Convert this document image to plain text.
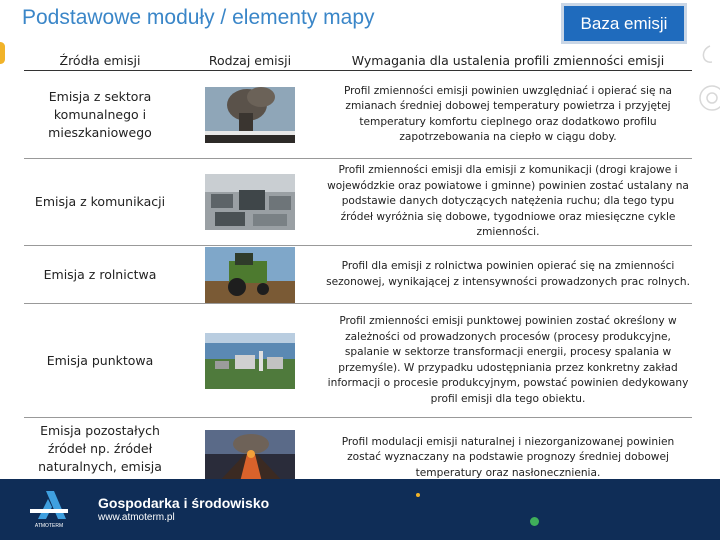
Podstawowe moduły / elementy mapy	Baza emisji
Źródła emisji	Rodzaj emisji	Wymagania dla ustalenia profili zmienności emisji
Emisja z sektora komunalnego i mieszkaniowego		Profil zmienności emisji powinien uwzględniać i opierać się na zmianach średniej dobowej temperatury powietrza i przyjętej temperatury komfortu cieplnego oraz dodatkowo profilu zapotrzebowania na ciepło w ciągu doby.
Emisja z komunikacji		Profil zmienności emisji dla emisji z komunikacji (drogi krajowe i wojewódzkie oraz powiatowe i gminne) powinien zostać ustalany na podstawie danych dotyczących natężenia ruchu; dla tego typu źródeł wyróżnia się dobowe, tygodniowe oraz miesięczne cykle zmienności.
Emisja z rolnictwa		Profil dla emisji z rolnictwa powinien opierać się na zmienności sezonowej, wynikającej z intensywności prowadzonych prac rolnych.
Emisja punktowa		Profil zmienności emisji punktowej powinien zostać określony w zależności od prowadzonych procesów (procesy produkcyjne, spalanie w sektorze transformacji energii, procesy spalania w przemyśle). W przypadku udostępniania przez konkretny zakład informacji o procesie produkcyjnym, powstać powinien dedykowany profil emisji dla tego obiektu.
Emisja pozostałych źródeł np. źródeł naturalnych, emisja		Profil modulacji emisji naturalnej i niezorganizowanej powinien zostać wyznaczany na podstawie prognozy średniej dobowej temperatury oraz nasłonecznienia.
ATMOTERM
Gospodarka i środowisko
www.atmoterm.pl
